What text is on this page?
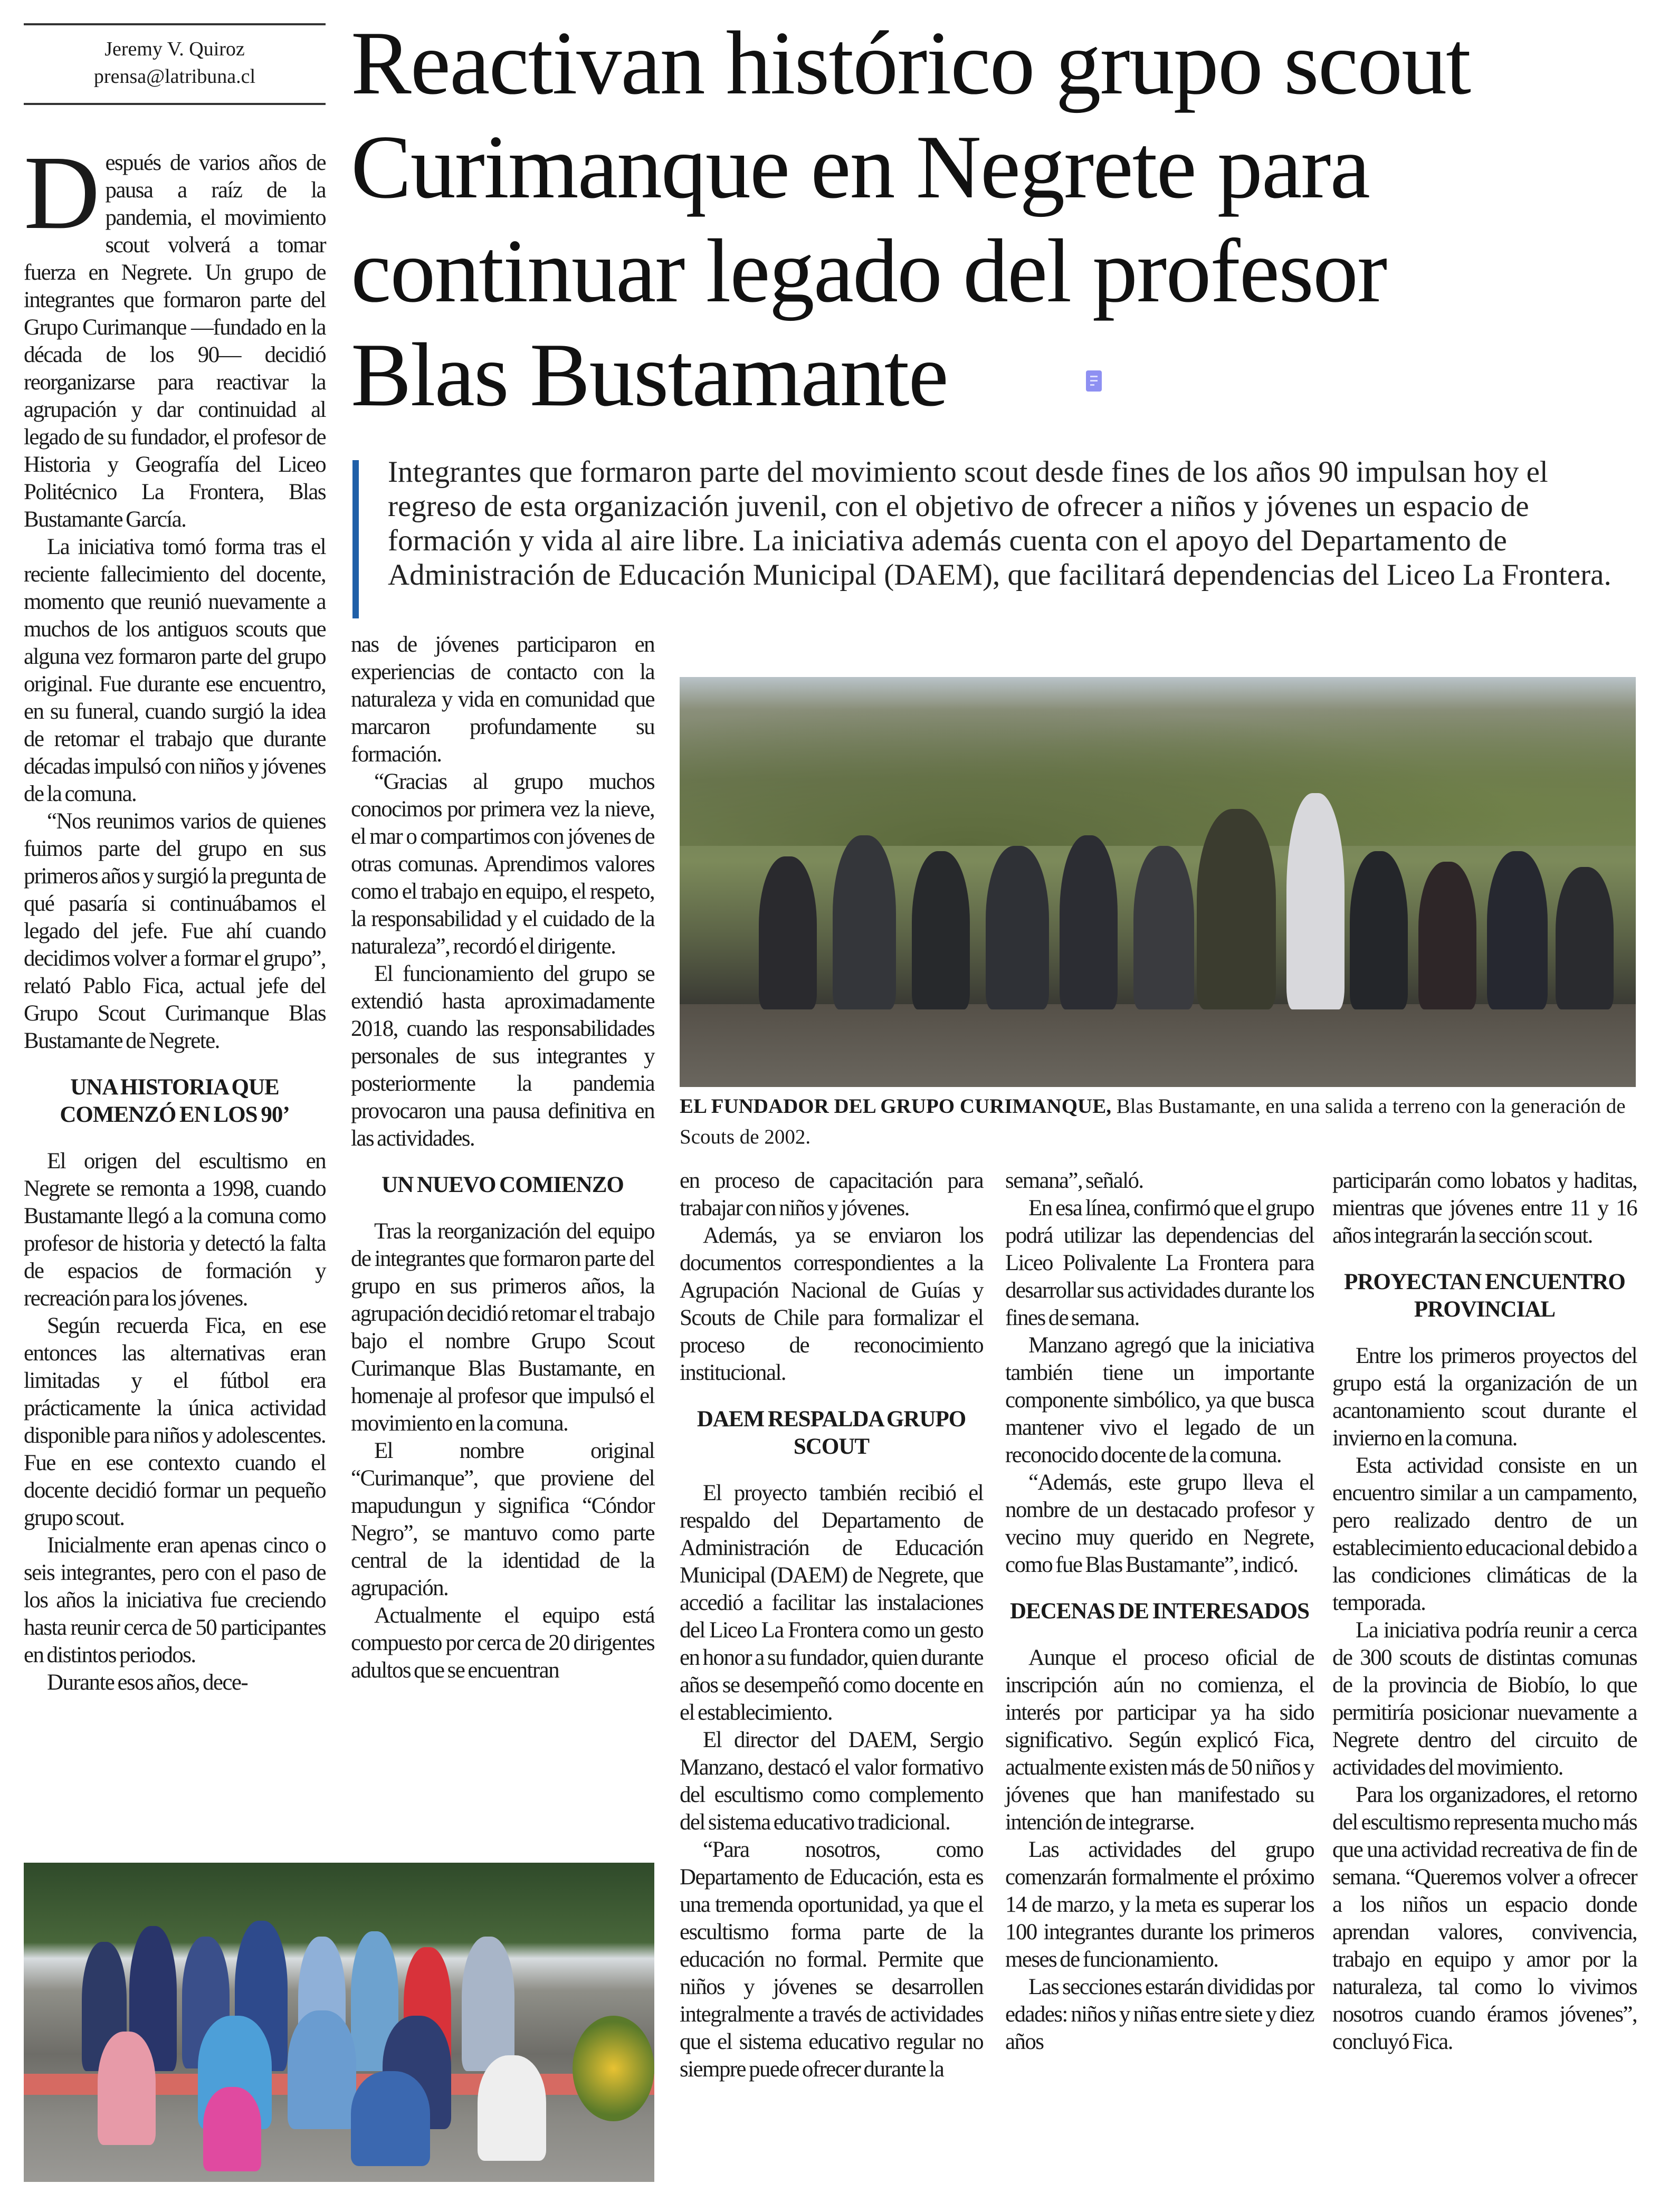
Jeremy V. Quiroz
prensa@latribuna.cl	Reactivan histórico grupo scout
Curimanque en Negrete para
continuar legado del profesor
Blas Bustamante
Integrantes que formaron parte del movimiento scout desde fines de los años 90 impulsan hoy el regreso de esta organización juvenil, con el objetivo de ofrecer a niños y jóvenes un espacio de formación y vida al aire libre. La iniciativa además cuenta con el apoyo del Departamento de Administración de Educación Municipal (DAEM), que facilitará dependencias del Liceo La Frontera.

Después de varios años de pausa a raíz de la pandemia, el movimiento scout volverá a tomar fuerza en Negrete. Un grupo de integrantes que formaron parte del Grupo Curimanque —fundado en la década de los 90— decidió reorganizarse para reactivar la agrupación y dar continuidad al legado de su fundador, el profesor de Historia y Geografía del Liceo Politécnico La Frontera, Blas Bustamante García.

La iniciativa tomó forma tras el reciente fallecimiento del docente, momento que reunió nuevamente a muchos de los antiguos scouts que alguna vez formaron parte del grupo original. Fue durante ese encuentro, en su funeral, cuando surgió la idea de retomar el trabajo que durante décadas impulsó con niños y jóvenes de la comuna.

“Nos reunimos varios de quienes fuimos parte del grupo en sus primeros años y surgió la pregunta de qué pasaría si continuábamos el legado del jefe. Fue ahí cuando decidimos volver a formar el grupo”, relató Pablo Fica, actual jefe del Grupo Scout Curimanque Blas Bustamante de Negrete.

UNA HISTORIA QUE COMENZÓ EN LOS 90’

El origen del escultismo en Negrete se remonta a 1998, cuando Bustamante llegó a la comuna como profesor de historia y detectó la falta de espacios de formación y recreación para los jóvenes.

Según recuerda Fica, en ese entonces las alternativas eran limitadas y el fútbol era prácticamente la única actividad disponible para niños y adolescentes. Fue en ese contexto cuando el docente decidió formar un pequeño grupo scout.

Inicialmente eran apenas cinco o seis integrantes, pero con el paso de los años la iniciativa fue creciendo hasta reunir cerca de 50 participantes en distintos periodos.

Durante esos años, dece-

nas de jóvenes participaron en experiencias de contacto con la naturaleza y vida en comunidad que marcaron profundamente su formación.

“Gracias al grupo muchos conocimos por primera vez la nieve, el mar o compartimos con jóvenes de otras comunas. Aprendimos valores como el trabajo en equipo, el respeto, la responsabilidad y el cuidado de la naturaleza”, recordó el dirigente.

El funcionamiento del grupo se extendió hasta aproximadamente 2018, cuando las responsabilidades personales de sus integrantes y posteriormente la pandemia provocaron una pausa definitiva en las actividades.

UN NUEVO COMIENZO

Tras la reorganización del equipo de integrantes que formaron parte del grupo en sus primeros años, la agrupación decidió retomar el trabajo bajo el nombre Grupo Scout Curimanque Blas Bustamante, en homenaje al profesor que impulsó el movimiento en la comuna.

El nombre original “Curimanque”, que proviene del mapudungun y significa “Cóndor Negro”, se mantuvo como parte central de la identidad de la agrupación.

Actualmente el equipo está compuesto por cerca de 20 dirigentes adultos que se encuentran

en proceso de capacitación para trabajar con niños y jóvenes.

Además, ya se enviaron los documentos correspondientes a la Agrupación Nacional de Guías y Scouts de Chile para formalizar el proceso de reconocimiento institucional.

DAEM RESPALDA GRUPO SCOUT

El proyecto también recibió el respaldo del Departamento de Administración de Educación Municipal (DAEM) de Negrete, que accedió a facilitar las instalaciones del Liceo La Frontera como un gesto en honor a su fundador, quien durante años se desempeñó como docente en el establecimiento.

El director del DAEM, Sergio Manzano, destacó el valor formativo del escultismo como complemento del sistema educativo tradicional.

“Para nosotros, como Departamento de Educación, esta es una tremenda oportunidad, ya que el escultismo forma parte de la educación no formal. Permite que niños y jóvenes se desarrollen integralmente a través de actividades que el sistema educativo regular no siempre puede ofrecer durante la

semana”, señaló.

En esa línea, confirmó que el grupo podrá utilizar las dependencias del Liceo Polivalente La Frontera para desarrollar sus actividades durante los fines de semana.

Manzano agregó que la iniciativa también tiene un importante componente simbólico, ya que busca mantener vivo el legado de un reconocido docente de la comuna.

“Además, este grupo lleva el nombre de un destacado profesor y vecino muy querido en Negrete, como fue Blas Bustamante”, indicó.

DECENAS DE INTERESADOS

Aunque el proceso oficial de inscripción aún no comienza, el interés por participar ya ha sido significativo. Según explicó Fica, actualmente existen más de 50 niños y jóvenes que han manifestado su intención de integrarse.

Las actividades del grupo comenzarán formalmente el próximo 14 de marzo, y la meta es superar los 100 integrantes durante los primeros meses de funcionamiento.

Las secciones estarán divididas por edades: niños y niñas entre siete y diez años

participarán como lobatos y haditas, mientras que jóvenes entre 11 y 16 años integrarán la sección scout.

PROYECTAN ENCUENTRO PROVINCIAL

Entre los primeros proyectos del grupo está la organización de un acantonamiento scout durante el invierno en la comuna.

Esta actividad consiste en un encuentro similar a un campamento, pero realizado dentro de un establecimiento educacional debido a las condiciones climáticas de la temporada.

La iniciativa podría reunir a cerca de 300 scouts de distintas comunas de la provincia de Biobío, lo que permitiría posicionar nuevamente a Negrete dentro del circuito de actividades del movimiento.

Para los organizadores, el retorno del escultismo representa mucho más que una actividad recreativa de fin de semana. “Queremos volver a ofrecer a los niños un espacio donde aprendan valores, convivencia, trabajo en equipo y amor por la naturaleza, tal como lo vivimos nosotros cuando éramos jóvenes”, concluyó Fica.

EL FUNDADOR DEL GRUPO CURIMANQUE, Blas Bustamante, en una salida a terreno con la generación de Scouts de 2002.
